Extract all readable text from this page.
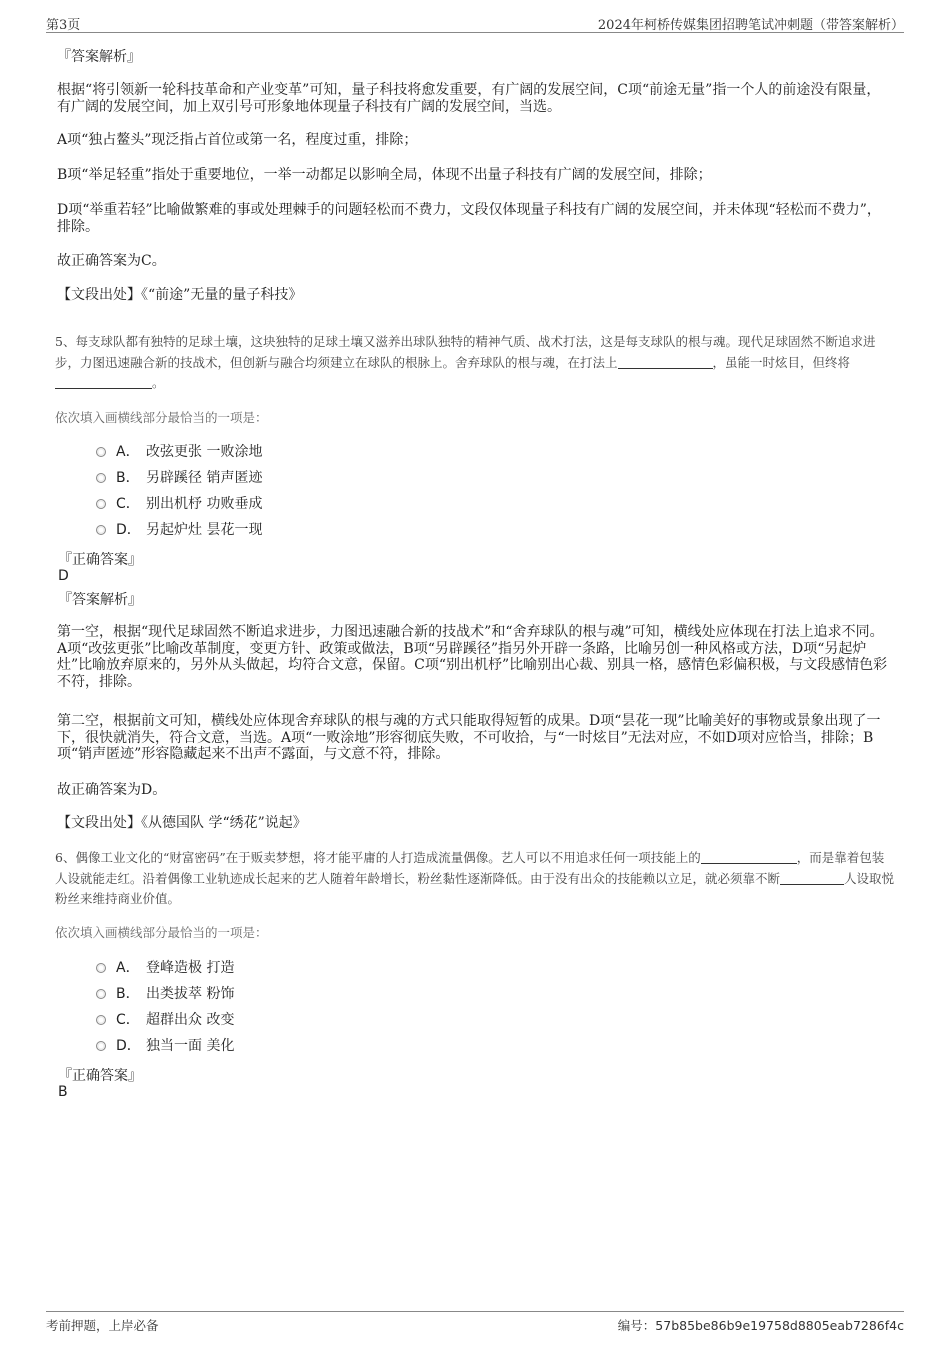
第3页	2024年柯桥传媒集团招聘笔试冲刺题（带答案解析）

『答案解析』

根据“将引领新一轮科技革命和产业变革”可知，量子科技将愈发重要，有广阔的发展空间，C项“前途无量”指一个人的前途没有限量，有广阔的发展空间，加上双引号可形象地体现量子科技有广阔的发展空间，当选。

A项“独占鳌头”现泛指占首位或第一名，程度过重，排除；

B项“举足轻重”指处于重要地位，一举一动都足以影响全局，体现不出量子科技有广阔的发展空间，排除；

D项“举重若轻”比喻做繁难的事或处理棘手的问题轻松而不费力，文段仅体现量子科技有广阔的发展空间，并未体现“轻松而不费力”，排除。

故正确答案为C。

【文段出处】《“前途”无量的量子科技》

5、每支球队都有独特的足球土壤，这块独特的足球土壤又滋养出球队独特的精神气质、战术打法，这是每支球队的根与魂。现代足球固然不断追求进步，力图迅速融合新的技战术，但创新与融合均须建立在球队的根脉上。舍弃球队的根与魂，在打法上	，虽能一时炫目，但终将。

依次填入画横线部分最恰当的一项是：

A． 改弦更张 一败涂地
B． 另辟蹊径 销声匿迹
C． 别出机杼 功败垂成
D． 另起炉灶 昙花一现
『正确答案』
D
『答案解析』

第一空，根据“现代足球固然不断追求进步，力图迅速融合新的技战术”和“舍弃球队的根与魂”可知，横线处应体现在打法上追求不同。A项“改弦更张”比喻改革制度，变更方针、政策或做法，B项“另辟蹊径”指另外开辟一条路，比喻另创一种风格或方法，D项“另起炉灶”比喻放弃原来的，另外从头做起，均符合文意，保留。C项“别出机杼”比喻别出心裁、别具一格，感情色彩偏积极，与文段感情色彩不符，排除。

第二空，根据前文可知，横线处应体现舍弃球队的根与魂的方式只能取得短暂的成果。D项“昙花一现”比喻美好的事物或景象出现了一下，很快就消失，符合文意，当选。A项“一败涂地”形容彻底失败，不可收拾，与“一时炫目”无法对应，不如D项对应恰当，排除；B项“销声匿迹”形容隐藏起来不出声不露面，与文意不符，排除。

故正确答案为D。

【文段出处】《从德国队 学“绣花”说起》

6、偶像工业文化的“财富密码”在于贩卖梦想，将才能平庸的人打造成流量偶像。艺人可以不用追求任何一项技能上的	，而是靠着包装人设就能走红。沿着偶像工业轨迹成长起来的艺人随着年龄增长，粉丝黏性逐渐降低。由于没有出众的技能赖以立足，就必须靠不断	人设取悦粉丝来维持商业价值。

依次填入画横线部分最恰当的一项是：

A． 登峰造极 打造
B． 出类拔萃 粉饰
C． 超群出众 改变
D． 独当一面 美化
『正确答案』
B
考前押题，上岸必备	编号：57b85be86b9e19758d8805eab7286f4c
